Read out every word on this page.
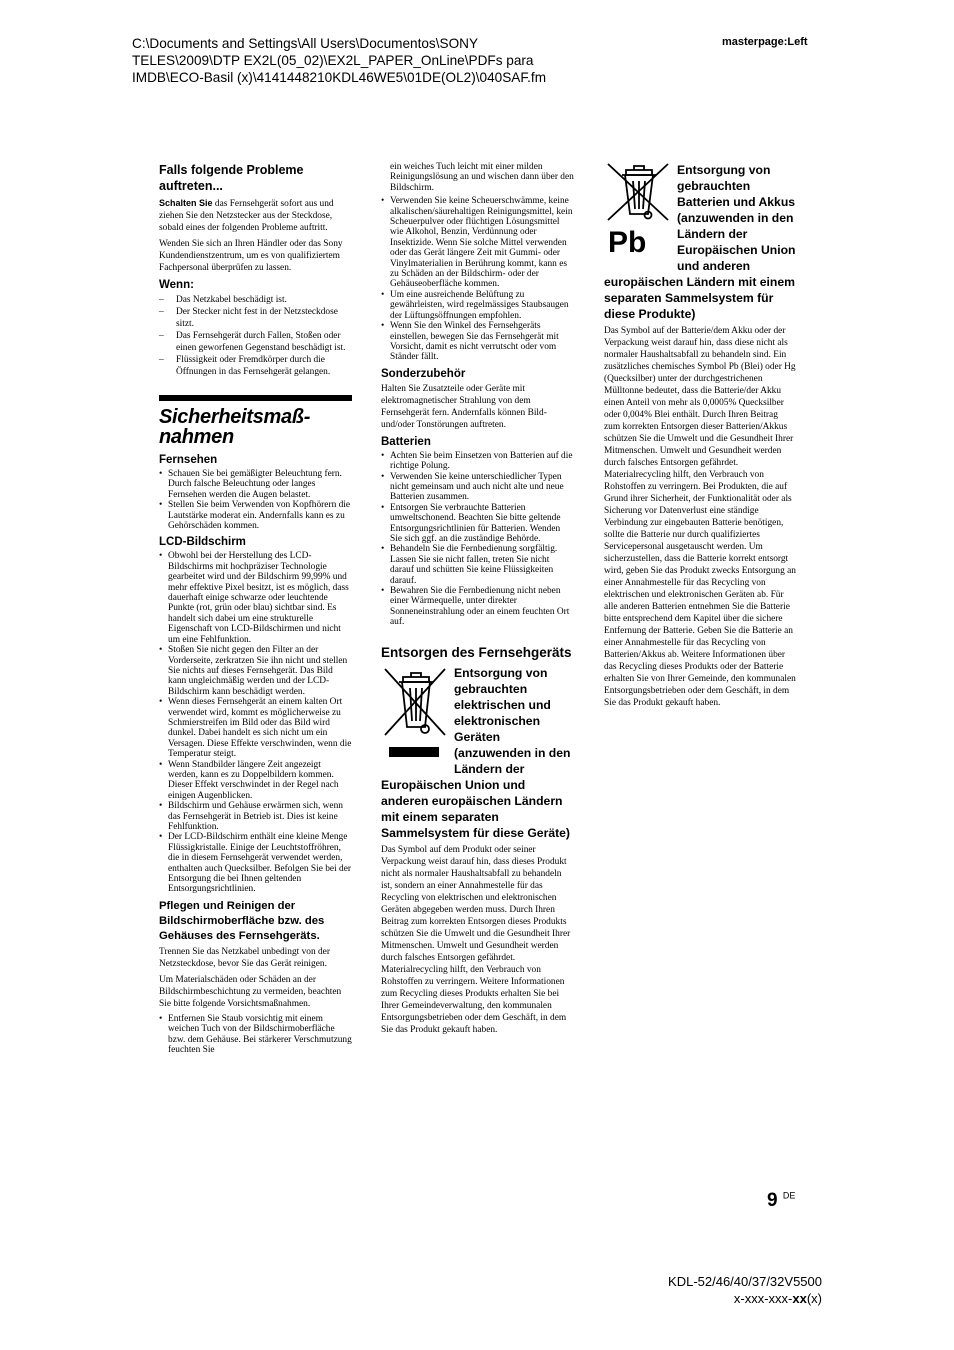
C:\Documents and Settings\All Users\Documentos\SONY
TELES\2009\DTP EX2L(05_02)\EX2L_PAPER_OnLine\PDFs para
IMDB\ECO-Basil (x)\4141448210KDL46WE5\01DE(OL2)\040SAF.fm
masterpage:Left
Falls folgende Probleme auftreten...

Schalten Sie das Fernsehgerät sofort aus und ziehen Sie den Netzstecker aus der Steckdose, sobald eines der folgenden Probleme auftritt.

Wenden Sie sich an Ihren Händler oder das Sony Kundendienstzentrum, um es von qualifiziertem Fachpersonal überprüfen zu lassen.

Wenn:
– Das Netzkabel beschädigt ist.
– Der Stecker nicht fest in der Netzsteckdose sitzt.
– Das Fernsehgerät durch Fallen, Stoßen oder einen geworfenen Gegenstand beschädigt ist.
– Flüssigkeit oder Fremdkörper durch die Öffnungen in das Fernsehgerät gelangen.
Sicherheitsmaß-nahmen
Fernsehen
• Schauen Sie bei gemäßigter Beleuchtung fern. Durch falsche Beleuchtung oder langes Fernsehen werden die Augen belastet.
• Stellen Sie beim Verwenden von Kopfhörern die Lautstärke moderat ein. Andernfalls kann es zu Gehörschäden kommen.
LCD-Bildschirm
• Obwohl bei der Herstellung des LCD-Bildschirms mit hochpräziser Technologie gearbeitet wird und der Bildschirm 99,99% und mehr effektive Pixel besitzt, ist es möglich, dass dauerhaft einige schwarze oder leuchtende Punkte (rot, grün oder blau) sichtbar sind. Es handelt sich dabei um eine strukturelle Eigenschaft von LCD-Bildschirmen und nicht um eine Fehlfunktion.
• Stoßen Sie nicht gegen den Filter an der Vorderseite, zerkratzen Sie ihn nicht und stellen Sie nichts auf dieses Fernsehgerät. Das Bild kann ungleichmäßig werden und der LCD-Bildschirm kann beschädigt werden.
• Wenn dieses Fernsehgerät an einem kalten Ort verwendet wird, kommt es möglicherweise zu Schmierstreifen im Bild oder das Bild wird dunkel. Dabei handelt es sich nicht um ein Versagen. Diese Effekte verschwinden, wenn die Temperatur steigt.
• Wenn Standbilder längere Zeit angezeigt werden, kann es zu Doppelbildern kommen. Dieser Effekt verschwindet in der Regel nach einigen Augenblicken.
• Bildschirm und Gehäuse erwärmen sich, wenn das Fernsehgerät in Betrieb ist. Dies ist keine Fehlfunktion.
• Der LCD-Bildschirm enthält eine kleine Menge Flüssigkristalle. Einige der Leuchtstoffröhren, die in diesem Fernsehgerät verwendet werden, enthalten auch Quecksilber. Befolgen Sie bei der Entsorgung die bei Ihnen geltenden Entsorgungsrichtlinien.
Pflegen und Reinigen der Bildschirmoberfläche bzw. des Gehäuses des Fernsehgeräts.

Trennen Sie das Netzkabel unbedingt von der Netzsteckdose, bevor Sie das Gerät reinigen.

Um Materialschäden oder Schäden an der Bildschirmbeschichtung zu vermeiden, beachten Sie bitte folgende Vorsichtsmaßnahmen.

• Entfernen Sie Staub vorsichtig mit einem weichen Tuch von der Bildschirmoberfläche bzw. dem Gehäuse. Bei stärkerer Verschmutzung feuchten Sie
ein weiches Tuch leicht mit einer milden Reinigungslösung an und wischen dann über den Bildschirm.
• Verwenden Sie keine Scheuerschwämme, keine alkalischen/säurehaltigen Reinigungsmittel, kein Scheuerpulver oder flüchtigen Lösungsmittel wie Alkohol, Benzin, Verdünnung oder Insektizide. Wenn Sie solche Mittel verwenden oder das Gerät längere Zeit mit Gummi- oder Vinylmaterialien in Berührung kommt, kann es zu Schäden an der Bildschirm- oder der Gehäuseoberfläche kommen.
• Um eine ausreichende Belüftung zu gewährleisten, wird regelmässiges Staubsaugen der Lüftungsöffnungen empfohlen.
• Wenn Sie den Winkel des Fernsehgeräts einstellen, bewegen Sie das Fernsehgerät mit Vorsicht, damit es nicht verrutscht oder vom Ständer fällt.
Sonderzubehör

Halten Sie Zusatzteile oder Geräte mit elektromagnetischer Strahlung von dem Fernsehgerät fern. Andernfalls können Bild- und/oder Tonstörungen auftreten.

Batterien
• Achten Sie beim Einsetzen von Batterien auf die richtige Polung.
• Verwenden Sie keine unterschiedlicher Typen nicht gemeinsam und auch nicht alte und neue Batterien zusammen.
• Entsorgen Sie verbrauchte Batterien umweltschonend. Beachten Sie bitte geltende Entsorgungsrichtlinien für Batterien. Wenden Sie sich ggf. an die zuständige Behörde.
• Behandeln Sie die Fernbedienung sorgfältig. Lassen Sie sie nicht fallen, treten Sie nicht darauf und schütten Sie keine Flüssigkeiten darauf.
• Bewahren Sie die Fernbedienung nicht neben einer Wärmequelle, unter direkter Sonneneinstrahlung oder an einem feuchten Ort auf.
Entsorgen des Fernsehgeräts
Entsorgung von gebrauchten elektrischen und elektronischen Geräten (anzuwenden in den Ländern der Europäischen Union und anderen europäischen Ländern mit einem separaten Sammelsystem für diese Geräte)

Das Symbol auf dem Produkt oder seiner Verpackung weist darauf hin, dass dieses Produkt nicht als normaler Haushaltsabfall zu behandeln ist, sondern an einer Annahmestelle für das Recycling von elektrischen und elektronischen Geräten abgegeben werden muss. Durch Ihren Beitrag zum korrekten Entsorgen dieses Produkts schützen Sie die Umwelt und die Gesundheit Ihrer Mitmenschen. Umwelt und Gesundheit werden durch falsches Entsorgen gefährdet. Materialrecycling hilft, den Verbrauch von Rohstoffen zu verringern. Weitere Informationen zum Recycling dieses Produkts erhalten Sie bei Ihrer Gemeindeverwaltung, den kommunalen Entsorgungsbetrieben oder dem Geschäft, in dem Sie das Produkt gekauft haben.

Pb
Entsorgung von gebrauchten Batterien und Akkus (anzuwenden in den Ländern der Europäischen Union und anderen europäischen Ländern mit einem separaten Sammelsystem für diese Produkte)

Das Symbol auf der Batterie/dem Akku oder der Verpackung weist darauf hin, dass diese nicht als normaler Haushaltsabfall zu behandeln sind. Ein zusätzliches chemisches Symbol Pb (Blei) oder Hg (Quecksilber) unter der durchgestrichenen Mülltonne bedeutet, dass die Batterie/der Akku einen Anteil von mehr als 0,0005% Quecksilber oder 0,004% Blei enthält. Durch Ihren Beitrag zum korrekten Entsorgen dieser Batterien/Akkus schützen Sie die Umwelt und die Gesundheit Ihrer Mitmenschen. Umwelt und Gesundheit werden durch falsches Entsorgen gefährdet. Materialrecycling hilft, den Verbrauch von Rohstoffen zu verringern. Bei Produkten, die auf Grund ihrer Sicherheit, der Funktionalität oder als Sicherung vor Datenverlust eine ständige Verbindung zur eingebauten Batterie benötigen, sollte die Batterie nur durch qualifiziertes Servicepersonal ausgetauscht werden. Um sicherzustellen, dass die Batterie korrekt entsorgt wird, geben Sie das Produkt zwecks Entsorgung an einer Annahmestelle für das Recycling von elektrischen und elektronischen Geräten ab. Für alle anderen Batterien entnehmen Sie die Batterie bitte entsprechend dem Kapitel über die sichere Entfernung der Batterie. Geben Sie die Batterie an einer Annahmestelle für das Recycling von Batterien/Akkus ab. Weitere Informationen über das Recycling dieses Produkts oder der Batterie erhalten Sie von Ihrer Gemeinde, den kommunalen Entsorgungsbetrieben oder dem Geschäft, in dem Sie das Produkt gekauft haben.

9 $^{DE}$
KDL-52/46/40/37/32V5500
x-xxx-xxx-xx(x)
